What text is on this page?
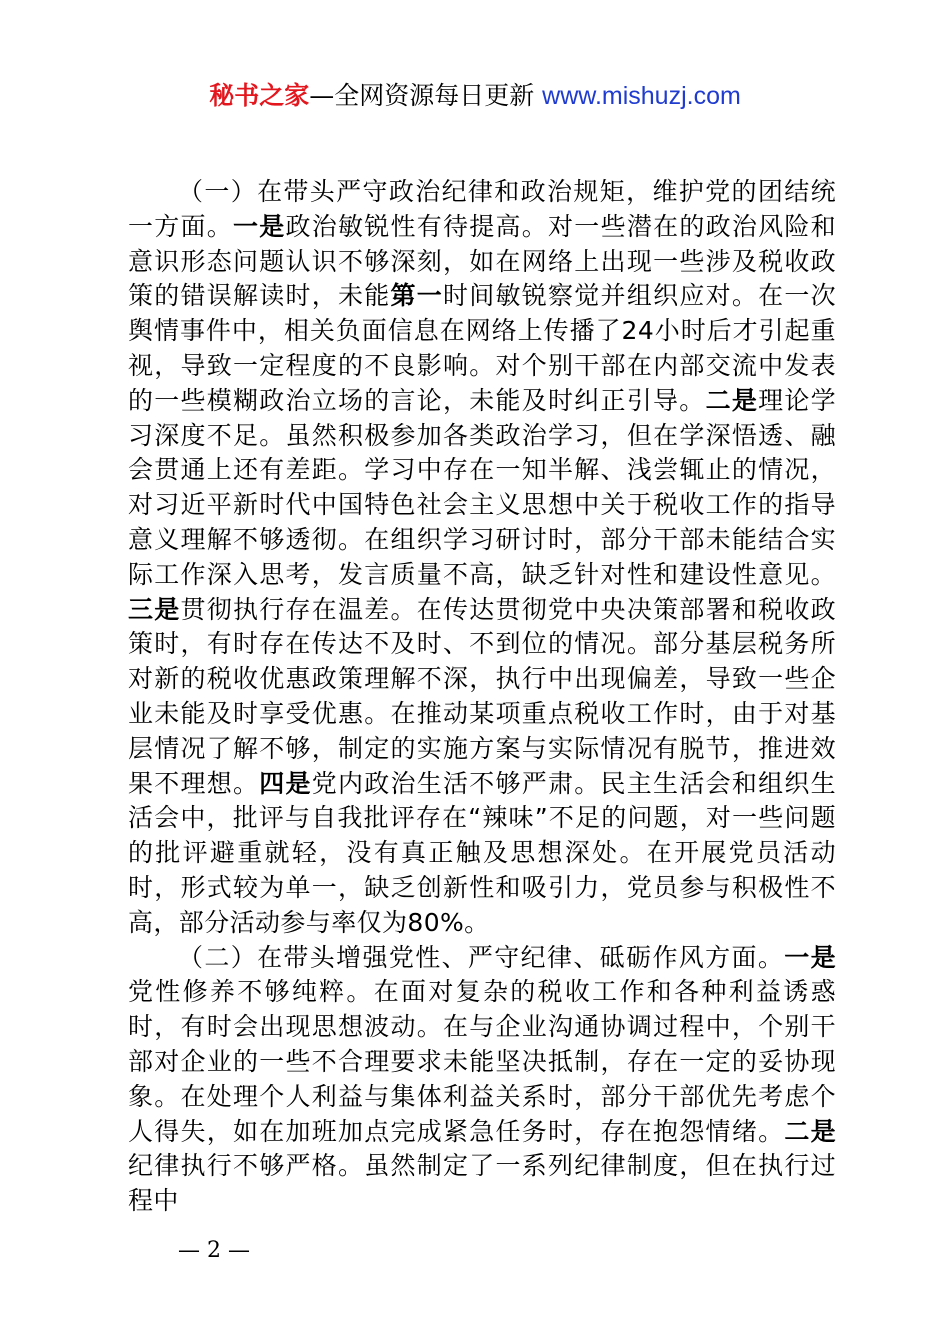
秘书之家—全网资源每日更新 www.mishuzj.com

（一）在带头严守政治纪律和政治规矩，维护党的团结统一方面。一是政治敏锐性有待提高。对一些潜在的政治风险和意识形态问题认识不够深刻，如在网络上出现一些涉及税收政策的错误解读时，未能第一时间敏锐察觉并组织应对。在一次舆情事件中，相关负面信息在网络上传播了24小时后才引起重视，导致一定程度的不良影响。对个别干部在内部交流中发表的一些模糊政治立场的言论，未能及时纠正引导。二是理论学习深度不足。虽然积极参加各类政治学习，但在学深悟透、融会贯通上还有差距。学习中存在一知半解、浅尝辄止的情况，对习近平新时代中国特色社会主义思想中关于税收工作的指导意义理解不够透彻。在组织学习研讨时，部分干部未能结合实际工作深入思考，发言质量不高，缺乏针对性和建设性意见。三是贯彻执行存在温差。在传达贯彻党中央决策部署和税收政策时，有时存在传达不及时、不到位的情况。部分基层税务所对新的税收优惠政策理解不深，执行中出现偏差，导致一些企业未能及时享受优惠。在推动某项重点税收工作时，由于对基层情况了解不够，制定的实施方案与实际情况有脱节，推进效果不理想。四是党内政治生活不够严肃。民主生活会和组织生活会中，批评与自我批评存在“辣味”不足的问题，对一些问题的批评避重就轻，没有真正触及思想深处。在开展党员活动时，形式较为单一，缺乏创新性和吸引力，党员参与积极性不高，部分活动参与率仅为80%。

（二）在带头增强党性、严守纪律、砥砺作风方面。一是党性修养不够纯粹。在面对复杂的税收工作和各种利益诱惑时，有时会出现思想波动。在与企业沟通协调过程中，个别干部对企业的一些不合理要求未能坚决抵制，存在一定的妥协现象。在处理个人利益与集体利益关系时，部分干部优先考虑个人得失，如在加班加点完成紧急任务时，存在抱怨情绪。二是纪律执行不够严格。虽然制定了一系列纪律制度，但在执行过程中

— 2 —
